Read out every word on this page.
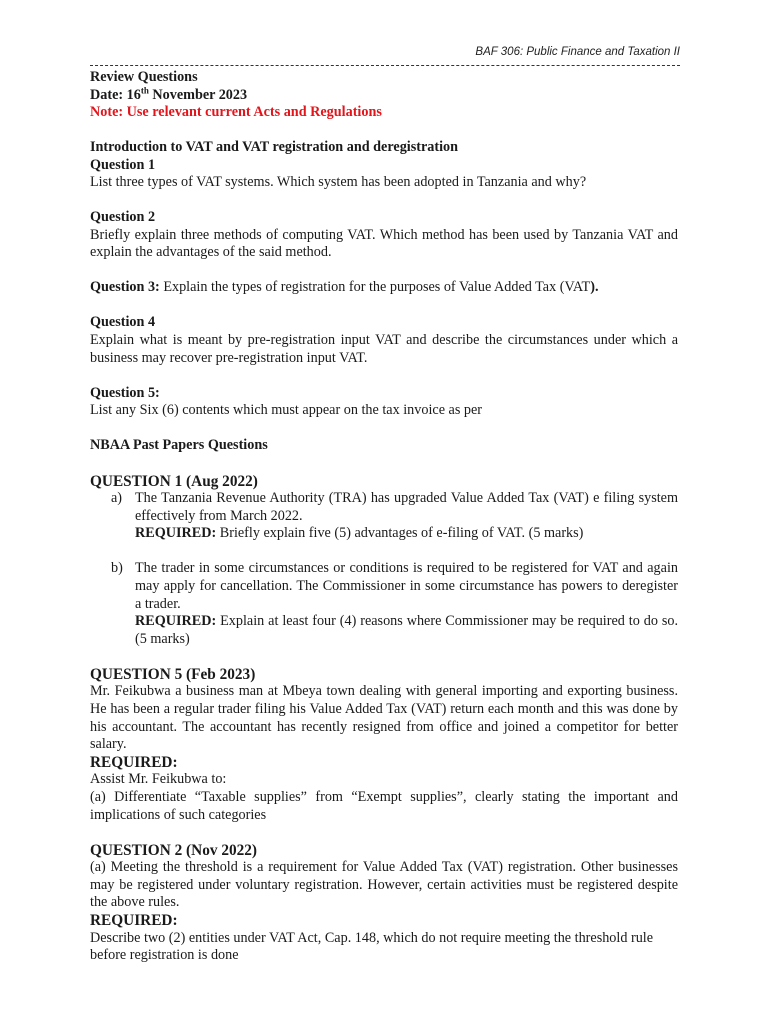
BAF 306: Public Finance and Taxation II

Review Questions

Date: 16th November 2023

Note: Use relevant current Acts and Regulations

Introduction to VAT and VAT registration and deregistration

Question 1

List three types of VAT systems. Which system has been adopted in Tanzania and why?

Question 2

Briefly explain three methods of computing VAT. Which method has been used by Tanzania VAT and explain the advantages of the said method.

Question 3: Explain the types of registration for the purposes of Value Added Tax (VAT).

Question 4

Explain what is meant by pre-registration input VAT and describe the circumstances under which a business may recover pre-registration input VAT.

Question 5:

List any Six (6) contents which must appear on the tax invoice as per

NBAA Past Papers Questions

QUESTION 1 (Aug 2022)

a) The Tanzania Revenue Authority (TRA) has upgraded Value Added Tax (VAT) e filing system effectively from March 2022.

REQUIRED: Briefly explain five (5) advantages of e-filing of VAT. (5 marks)

b) The trader in some circumstances or conditions is required to be registered for VAT and again may apply for cancellation. The Commissioner in some circumstance has powers to deregister a trader.

REQUIRED: Explain at least four (4) reasons where Commissioner may be required to do so. (5 marks)

QUESTION 5 (Feb 2023)

Mr. Feikubwa a business man at Mbeya town dealing with general importing and exporting business. He has been a regular trader filing his Value Added Tax (VAT) return each month and this was done by his accountant. The accountant has recently resigned from office and joined a competitor for better salary.

REQUIRED:

Assist Mr. Feikubwa to:

(a) Differentiate “Taxable supplies” from “Exempt supplies”, clearly stating the important and implications of such categories

QUESTION 2 (Nov 2022)

(a) Meeting the threshold is a requirement for Value Added Tax (VAT) registration. Other businesses may be registered under voluntary registration. However, certain activities must be registered despite the above rules.

REQUIRED:

Describe two (2) entities under VAT Act, Cap. 148, which do not require meeting the threshold rule before registration is done
